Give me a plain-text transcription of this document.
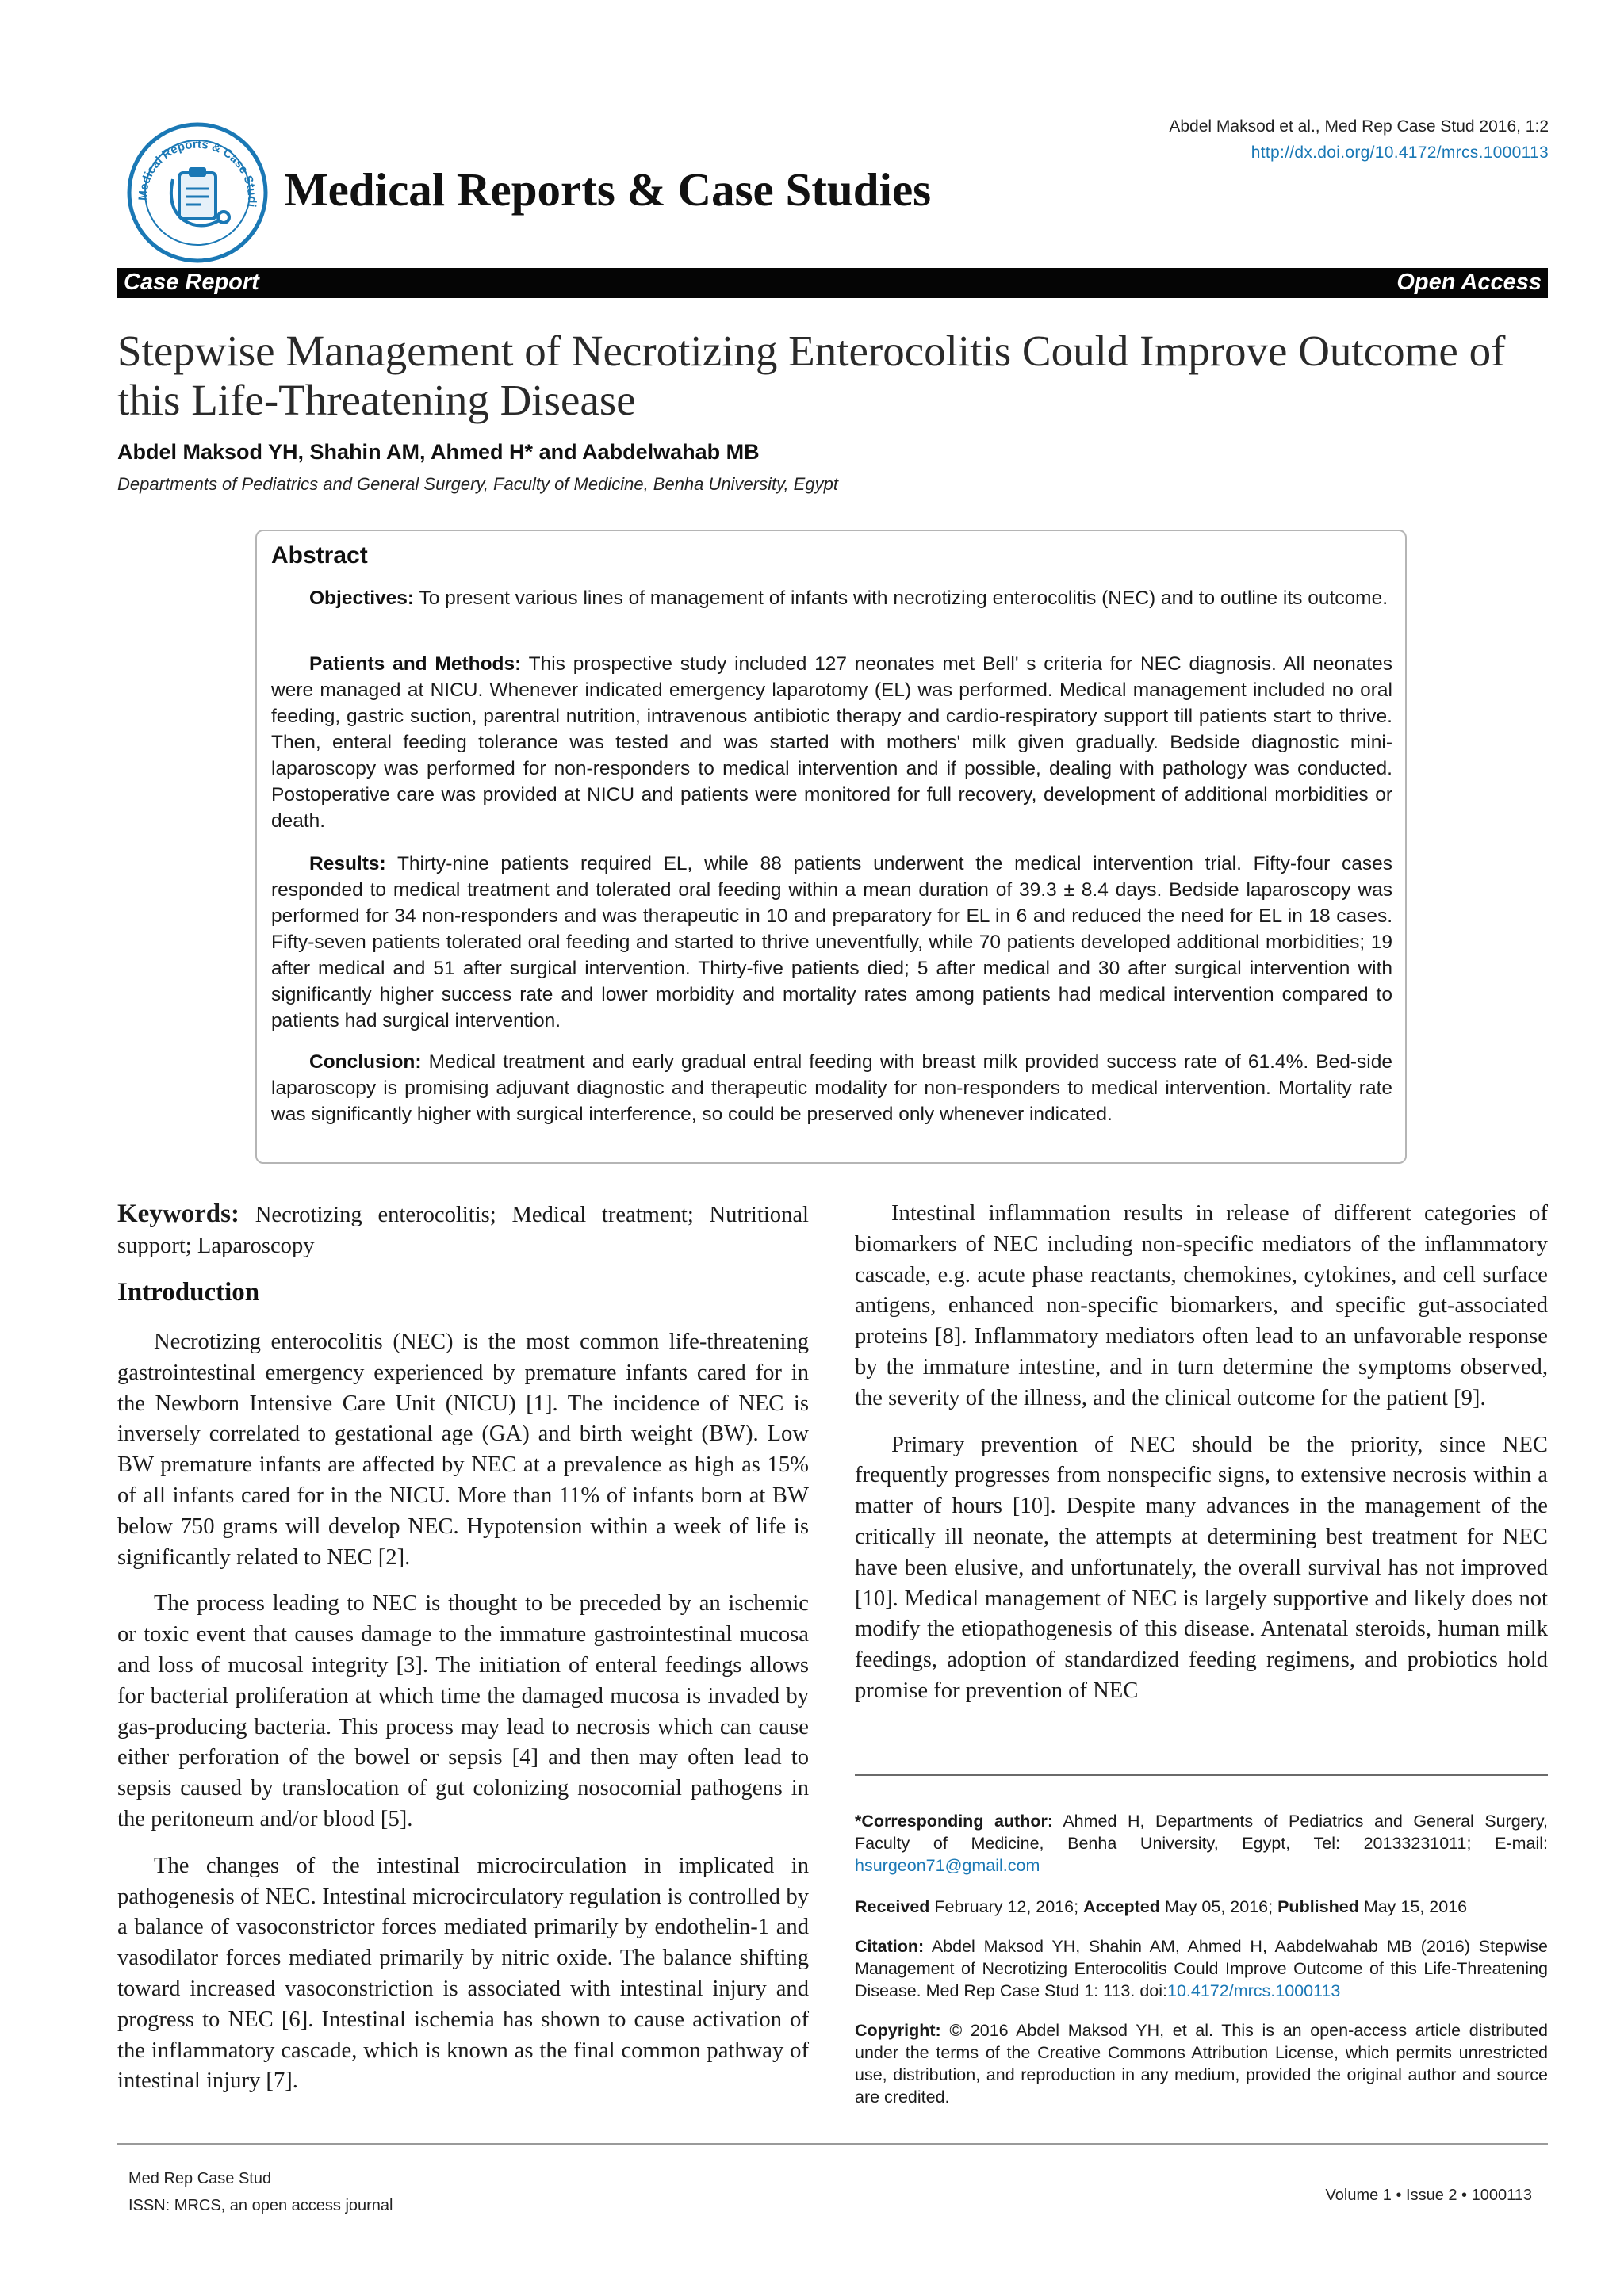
Medical Reports & Case Studi Medical Reports & Case Studies
Abdel Maksod et al., Med Rep Case Stud 2016, 1:2
http://dx.doi.org/10.4172/mrcs.1000113
Case Report	Open Access
Stepwise Management of Necrotizing Enterocolitis Could Improve Outcome of this Life-Threatening Disease
Abdel Maksod YH, Shahin AM, Ahmed H* and Aabdelwahab MB
Departments of Pediatrics and General Surgery, Faculty of Medicine, Benha University, Egypt
Abstract

Objectives: To present various lines of management of infants with necrotizing enterocolitis (NEC) and to outline its outcome.

Patients and Methods: This prospective study included 127 neonates met Bell' s criteria for NEC diagnosis. All neonates were managed at NICU. Whenever indicated emergency laparotomy (EL) was performed. Medical management included no oral feeding, gastric suction, parentral nutrition, intravenous antibiotic therapy and cardio-respiratory support till patients start to thrive. Then, enteral feeding tolerance was tested and was started with mothers' milk given gradually. Bedside diagnostic mini-laparoscopy was performed for non-responders to medical intervention and if possible, dealing with pathology was conducted. Postoperative care was provided at NICU and patients were monitored for full recovery, development of additional morbidities or death.

Results: Thirty-nine patients required EL, while 88 patients underwent the medical intervention trial. Fifty-four cases responded to medical treatment and tolerated oral feeding within a mean duration of 39.3 ± 8.4 days. Bedside laparoscopy was performed for 34 non-responders and was therapeutic in 10 and preparatory for EL in 6 and reduced the need for EL in 18 cases. Fifty-seven patients tolerated oral feeding and started to thrive uneventfully, while 70 patients developed additional morbidities; 19 after medical and 51 after surgical intervention. Thirty-five patients died; 5 after medical and 30 after surgical intervention with significantly higher success rate and lower morbidity and mortality rates among patients had medical intervention compared to patients had surgical intervention.

Conclusion: Medical treatment and early gradual entral feeding with breast milk provided success rate of 61.4%. Bed-side laparoscopy is promising adjuvant diagnostic and therapeutic modality for non-responders to medical intervention. Mortality rate was significantly higher with surgical interference, so could be preserved only whenever indicated.

Keywords: Necrotizing enterocolitis; Medical treatment; Nutritional support; Laparoscopy
Introduction

Necrotizing enterocolitis (NEC) is the most common life-threatening gastrointestinal emergency experienced by premature infants cared for in the Newborn Intensive Care Unit (NICU) [1]. The incidence of NEC is inversely correlated to gestational age (GA) and birth weight (BW). Low BW premature infants are affected by NEC at a prevalence as high as 15% of all infants cared for in the NICU. More than 11% of infants born at BW below 750 grams will develop NEC. Hypotension within a week of life is significantly related to NEC [2].

The process leading to NEC is thought to be preceded by an ischemic or toxic event that causes damage to the immature gastrointestinal mucosa and loss of mucosal integrity [3]. The initiation of enteral feedings allows for bacterial proliferation at which time the damaged mucosa is invaded by gas-producing bacteria. This process may lead to necrosis which can cause either perforation of the bowel or sepsis [4] and then may often lead to sepsis caused by translocation of gut colonizing nosocomial pathogens in the peritoneum and/or blood [5].

The changes of the intestinal microcirculation in implicated in pathogenesis of NEC. Intestinal microcirculatory regulation is controlled by a balance of vasoconstrictor forces mediated primarily by endothelin-1 and vasodilator forces mediated primarily by nitric oxide. The balance shifting toward increased vasoconstriction is associated with intestinal injury and progress to NEC [6]. Intestinal ischemia has shown to cause activation of the inflammatory cascade, which is known as the final common pathway of intestinal injury [7].

Intestinal inflammation results in release of different categories of biomarkers of NEC including non-specific mediators of the inflammatory cascade, e.g. acute phase reactants, chemokines, cytokines, and cell surface antigens, enhanced non-specific biomarkers, and specific gut-associated proteins [8]. Inflammatory mediators often lead to an unfavorable response by the immature intestine, and in turn determine the symptoms observed, the severity of the illness, and the clinical outcome for the patient [9].

Primary prevention of NEC should be the priority, since NEC frequently progresses from nonspecific signs, to extensive necrosis within a matter of hours [10]. Despite many advances in the management of the critically ill neonate, the attempts at determining best treatment for NEC have been elusive, and unfortunately, the overall survival has not improved [10]. Medical management of NEC is largely supportive and likely does not modify the etiopathogenesis of this disease. Antenatal steroids, human milk feedings, adoption of standardized feeding regimens, and probiotics hold promise for prevention of NEC

*Corresponding author: Ahmed H, Departments of Pediatrics and General Surgery, Faculty of Medicine, Benha University, Egypt, Tel: 20133231011; E-mail: hsurgeon71@gmail.com

Received February 12, 2016; Accepted May 05, 2016; Published May 15, 2016

Citation: Abdel Maksod YH, Shahin AM, Ahmed H, Aabdelwahab MB (2016) Stepwise Management of Necrotizing Enterocolitis Could Improve Outcome of this Life-Threatening Disease. Med Rep Case Stud 1: 113. doi:10.4172/mrcs.1000113

Copyright: © 2016 Abdel Maksod YH, et al. This is an open-access article distributed under the terms of the Creative Commons Attribution License, which permits unrestricted use, distribution, and reproduction in any medium, provided the original author and source are credited.

Med Rep Case Stud
ISSN: MRCS, an open access journal
Volume 1 • Issue 2 • 1000113
